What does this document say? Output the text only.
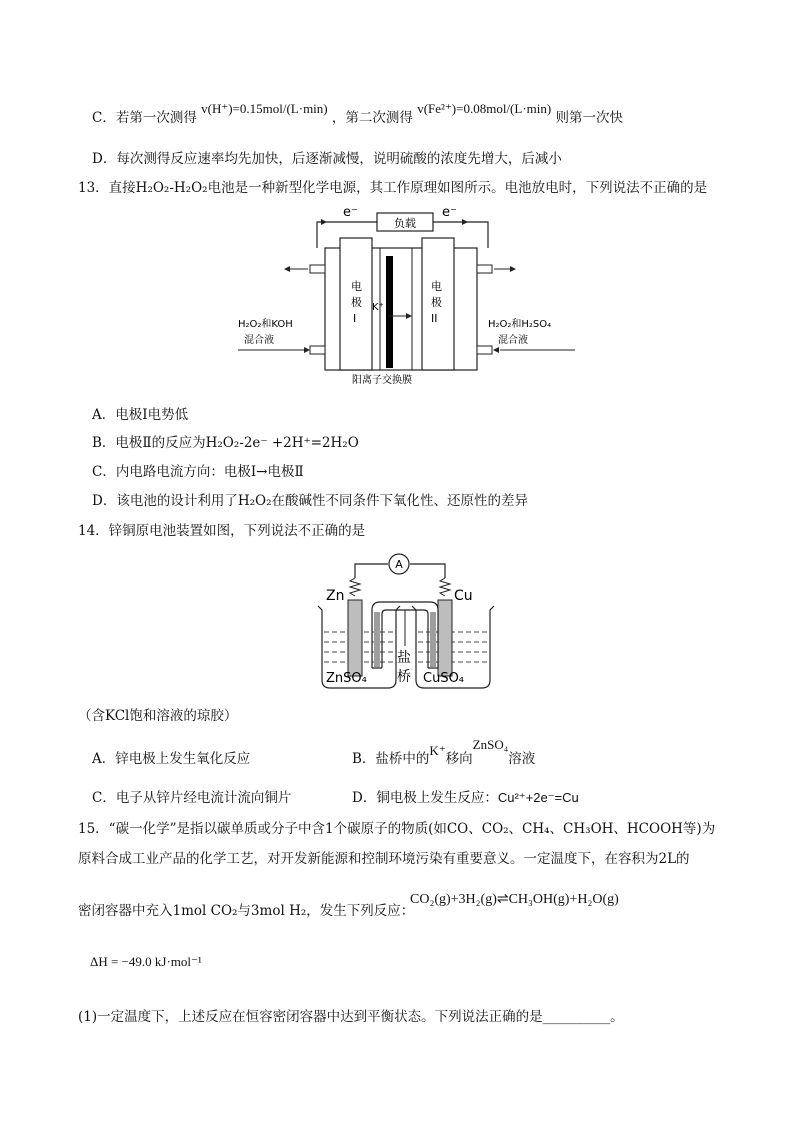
C．若第一次测得 v(H⁺)=0.15mol/(L·min) ，第二次测得 v(Fe²⁺)=0.08mol/(L·min) 则第一次快
D．每次测得反应速率均先加快，后逐渐减慢，说明硫酸的浓度先增大，后减小
13．直接H₂O₂-H₂O₂电池是一种新型化学电源，其工作原理如图所示。电池放电时，下列说法不正确的是
负载
e⁻	e⁻
电
极
I
电
极
II
K⁺
H₂O₂和KOH
混合液
H₂O₂和H₂SO₄
混合液
阳离子交换膜
A．电极Ⅰ电势低
B．电极Ⅱ的反应为H₂O₂-2e⁻ +2H⁺=2H₂O
C．内电路电流方向：电极Ⅰ→电极Ⅱ
D．该电池的设计利用了H₂O₂在酸碱性不同条件下氧化性、还原性的差异
14．锌铜原电池装置如图，下列说法不正确的是
A
Zn	Cu
盐
桥
ZnSO₄	CuSO₄
（含KCl饱和溶液的琼胶）
A．锌电极上发生氧化反应	B．盐桥中的K⁺移向ZnSO₄溶液
C．电子从锌片经电流计流向铜片	D．铜电极上发生反应：Cu²⁺+2e⁻=Cu
15．“碳一化学”是指以碳单质或分子中含1个碳原子的物质(如CO、CO₂、CH₄、CH₃OH、HCOOH等)为
原料合成工业产品的化学工艺，对开发新能源和控制环境污染有重要意义。一定温度下，在容积为2L的
密闭容器中充入1mol CO₂与3mol H₂，发生下列反应：
CO₂(g)+3H₂(g)⇌CH₃OH(g)+H₂O(g)
ΔH = −49.0 kJ·mol⁻¹
(1)一定温度下，上述反应在恒容密闭容器中达到平衡状态。下列说法正确的是__________。
